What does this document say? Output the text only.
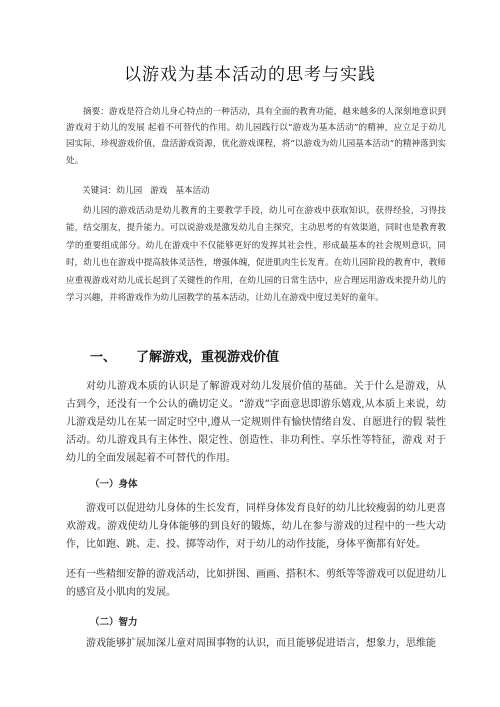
以游戏为基本活动的思考与实践

摘要：游戏是符合幼儿身心特点的一种活动，具有全面的教育功能，越来越多的人深刻地意识到游戏对于幼儿的发展 起着不可替代的作用。幼儿园践行以“游戏为基本活动”的精神，应立足于幼儿园实际，珍视游戏价值，盘活游戏资源，优化游戏课程，将“以游戏为幼儿园基本活动”的精神落到实处。

关键词：幼儿园 游戏 基本活动

幼儿园的游戏活动是幼儿教育的主要教学手段，幼儿可在游戏中获取知识，获得经验，习得技能，结交朋友，提升能力。可以说游戏是激发幼儿自主探究，主动思考的有效渠道，同时也是教育教学的重要组成部分。幼儿在游戏中不仅能够更好的发挥其社会性，形成最基本的社会规则意识，同时，幼儿也在游戏中提高肢体灵活性，增强体魄，促进肌肉生长发育。在幼儿园阶段的教育中，教师应重视游戏对幼儿成长起到了关键性的作用，在幼儿园的日常生活中，应合理运用游戏来提升幼儿的学习兴趣，并将游戏作为幼儿园教学的基本活动，让幼儿在游戏中度过美好的童年。

一、 了解游戏，重视游戏价值

对幼儿游戏本质的认识是了解游戏对幼儿发展价值的基础。关于什么是游戏，从 古到今，还没有一个公认的确切定义。“游戏”字面意思即游乐嬉戏,从本质上来说，幼儿游戏是幼儿在某一固定时空中,遵从一定规则伴有愉快情绪自发、自愿进行的假 装性活动。幼儿游戏具有主体性、限定性、创造性、非功利性、享乐性等特征，游戏 对于幼儿的全面发展起着不可替代的作用。

（一）身体

游戏可以促进幼儿身体的生长发育，同样身体发育良好的幼儿比较瘦弱的幼儿更喜欢游戏。游戏使幼儿身体能够的到良好的锻炼，幼儿在参与游戏的过程中的一些大动作，比如跑、跳、走、投、掷等动作，对于幼儿的动作技能，身体平衡都有好处。

还有一些精细安静的游戏活动，比如拼图、画画、搭积木、剪纸等等游戏可以促进幼儿的感官及小肌肉的发展。

（二）智力

游戏能够扩展加深儿童对周围事物的认识，而且能够促进语言，想象力，思维能
